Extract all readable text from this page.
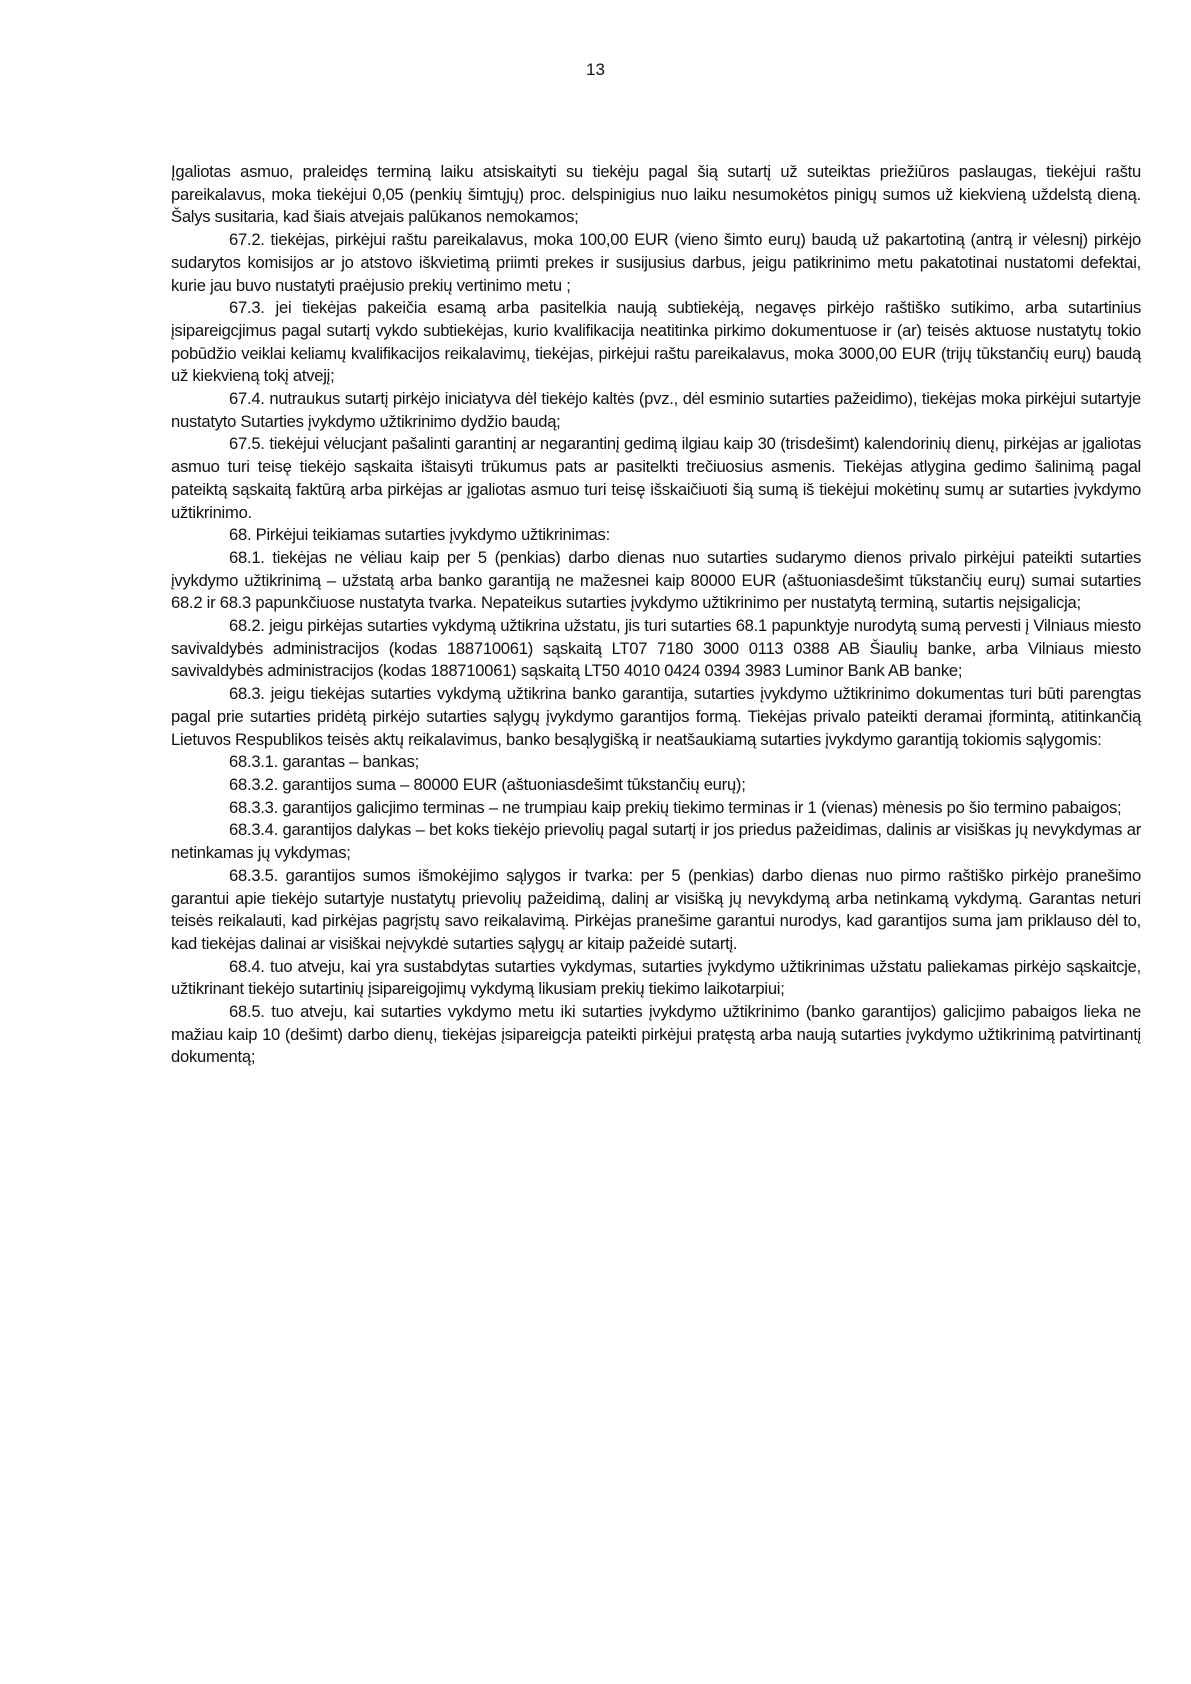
13

Įgaliotas asmuo, praleidęs terminą laiku atsiskaityti su tiekėju pagal šią sutartį už suteiktas priežiūros paslaugas, tiekėjui raštu pareikalavus, moka tiekėjui 0,05 (penkių šimtųjų) proc. delspinigius nuo laiku nesumokėtos pinigų sumos už kiekvieną uždelstą dieną. Šalys susitaria, kad šiais atvejais palūkanos nemokamos;

67.2. tiekėjas, pirkėjui raštu pareikalavus, moka 100,00 EUR (vieno šimto eurų) baudą už pakartotiną (antrą ir vėlesnį) pirkėjo sudarytos komisijos ar jo atstovo iškvietimą priimti prekes ir susijusius darbus, jeigu patikrinimo metu pakatotinai nustatomi defektai, kurie jau buvo nustatyti praėjusio prekių vertinimo metu ;

67.3. jei tiekėjas pakeičia esamą arba pasitelkia naują subtiekėją, negavęs pirkėjo raštiško sutikimo, arba sutartinius įsipareigcjimus pagal sutartį vykdo subtiekėjas, kurio kvalifikacija neatitinka pirkimo dokumentuose ir (ar) teisės aktuose nustatytų tokio pobūdžio veiklai keliamų kvalifikacijos reikalavimų, tiekėjas, pirkėjui raštu pareikalavus, moka 3000,00 EUR (trijų tūkstančių eurų) baudą už kiekvieną tokį atvejį;

67.4. nutraukus sutartį pirkėjo iniciatyva dėl tiekėjo kaltės (pvz., dėl esminio sutarties pažeidimo), tiekėjas moka pirkėjui sutartyje nustatyto Sutarties įvykdymo užtikrinimo dydžio baudą;

67.5. tiekėjui vėlucjant pašalinti garantinį ar negarantinį gedimą ilgiau kaip 30 (trisdešimt) kalendorinių dienų, pirkėjas ar įgaliotas asmuo turi teisę tiekėjo sąskaita ištaisyti trūkumus pats ar pasitelkti trečiuosius asmenis. Tiekėjas atlygina gedimo šalinimą pagal pateiktą sąskaitą faktūrą arba pirkėjas ar įgaliotas asmuo turi teisę išskaičiuoti šią sumą iš tiekėjui mokėtinų sumų ar sutarties įvykdymo užtikrinimo.

68. Pirkėjui teikiamas sutarties įvykdymo užtikrinimas:

68.1. tiekėjas ne vėliau kaip per 5 (penkias) darbo dienas nuo sutarties sudarymo dienos privalo pirkėjui pateikti sutarties įvykdymo užtikrinimą – užstatą arba banko garantiją ne mažesnei kaip 80000 EUR (aštuoniasdešimt tūkstančių eurų) sumai sutarties 68.2 ir 68.3 papunkčiuose nustatyta tvarka. Nepateikus sutarties įvykdymo užtikrinimo per nustatytą terminą, sutartis neįsigalicja;

68.2. jeigu pirkėjas sutarties vykdymą užtikrina užstatu, jis turi sutarties 68.1 papunktyje nurodytą sumą pervesti į Vilniaus miesto savivaldybės administracijos (kodas 188710061) sąskaitą LT07 7180 3000 0113 0388 AB Šiaulių banke, arba Vilniaus miesto savivaldybės administracijos (kodas 188710061) sąskaitą LT50 4010 0424 0394 3983 Luminor Bank AB banke;

68.3. jeigu tiekėjas sutarties vykdymą užtikrina banko garantija, sutarties įvykdymo užtikrinimo dokumentas turi būti parengtas pagal prie sutarties pridėtą pirkėjo sutarties sąlygų įvykdymo garantijos formą. Tiekėjas privalo pateikti deramai įformintą, atitinkančią Lietuvos Respublikos teisės aktų reikalavimus, banko besąlygišką ir neatšaukiamą sutarties įvykdymo garantiją tokiomis sąlygomis:

68.3.1. garantas – bankas;

68.3.2. garantijos suma – 80000 EUR (aštuoniasdešimt tūkstančių eurų);

68.3.3. garantijos galicjimo terminas – ne trumpiau kaip prekių tiekimo terminas ir 1 (vienas) mėnesis po šio termino pabaigos;

68.3.4. garantijos dalykas – bet koks tiekėjo prievolių pagal sutartį ir jos priedus pažeidimas, dalinis ar visiškas jų nevykdymas ar netinkamas jų vykdymas;

68.3.5. garantijos sumos išmokėjimo sąlygos ir tvarka: per 5 (penkias) darbo dienas nuo pirmo raštiško pirkėjo pranešimo garantui apie tiekėjo sutartyje nustatytų prievolių pažeidimą, dalinį ar visišką jų nevykdymą arba netinkamą vykdymą. Garantas neturi teisės reikalauti, kad pirkėjas pagrįstų savo reikalavimą. Pirkėjas pranešime garantui nurodys, kad garantijos suma jam priklauso dėl to, kad tiekėjas dalinai ar visiškai neįvykdė sutarties sąlygų ar kitaip pažeidė sutartį.

68.4. tuo atveju, kai yra sustabdytas sutarties vykdymas, sutarties įvykdymo užtikrinimas užstatu paliekamas pirkėjo sąskaitcje, užtikrinant tiekėjo sutartinių įsipareigojimų vykdymą likusiam prekių tiekimo laikotarpiui;

68.5. tuo atveju, kai sutarties vykdymo metu iki sutarties įvykdymo užtikrinimo (banko garantijos) galicjimo pabaigos lieka ne mažiau kaip 10 (dešimt) darbo dienų, tiekėjas įsipareigcja pateikti pirkėjui pratęstą arba naują sutarties įvykdymo užtikrinimą patvirtinantį dokumentą;
